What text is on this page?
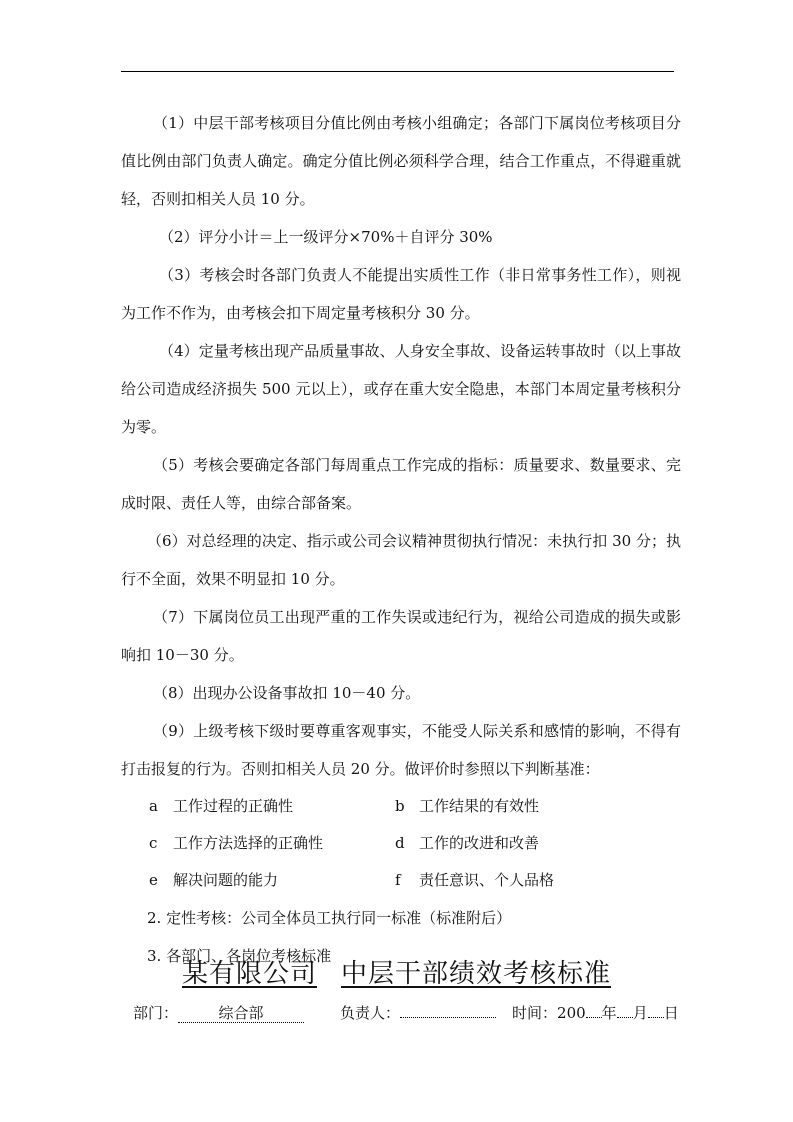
（1）中层干部考核项目分值比例由考核小组确定；各部门下属岗位考核项目分值比例由部门负责人确定。确定分值比例必须科学合理，结合工作重点，不得避重就轻，否则扣相关人员 10 分。

（2）评分小计＝上一级评分×70%＋自评分 30%

（3）考核会时各部门负责人不能提出实质性工作（非日常事务性工作），则视为工作不作为，由考核会扣下周定量考核积分 30 分。

（4）定量考核出现产品质量事故、人身安全事故、设备运转事故时（以上事故给公司造成经济损失 500 元以上），或存在重大安全隐患，本部门本周定量考核积分为零。

（5）考核会要确定各部门每周重点工作完成的指标：质量要求、数量要求、完成时限、责任人等，由综合部备案。

（6）对总经理的决定、指示或公司会议精神贯彻执行情况：未执行扣 30 分；执行不全面，效果不明显扣 10 分。

（7）下属岗位员工出现严重的工作失误或违纪行为，视给公司造成的损失或影响扣 10－30 分。

（8）出现办公设备事故扣 10－40 分。

（9）上级考核下级时要尊重客观事实，不能受人际关系和感情的影响，不得有打击报复的行为。否则扣相关人员 20 分。做评价时参照以下判断基准：

a	工作过程的正确性	b 工作结果的有效性
c	工作方法选择的正确性	d 工作的改进和改善
e	解决问题的能力	f	责任意识、个人品格

2. 定性考核：公司全体员工执行同一标准（标准附后）

3. 各部门、各岗位考核标准

某有限公司 中层干部绩效考核标准
部门：	综合部	负责人：	时间：200 年 月 日
